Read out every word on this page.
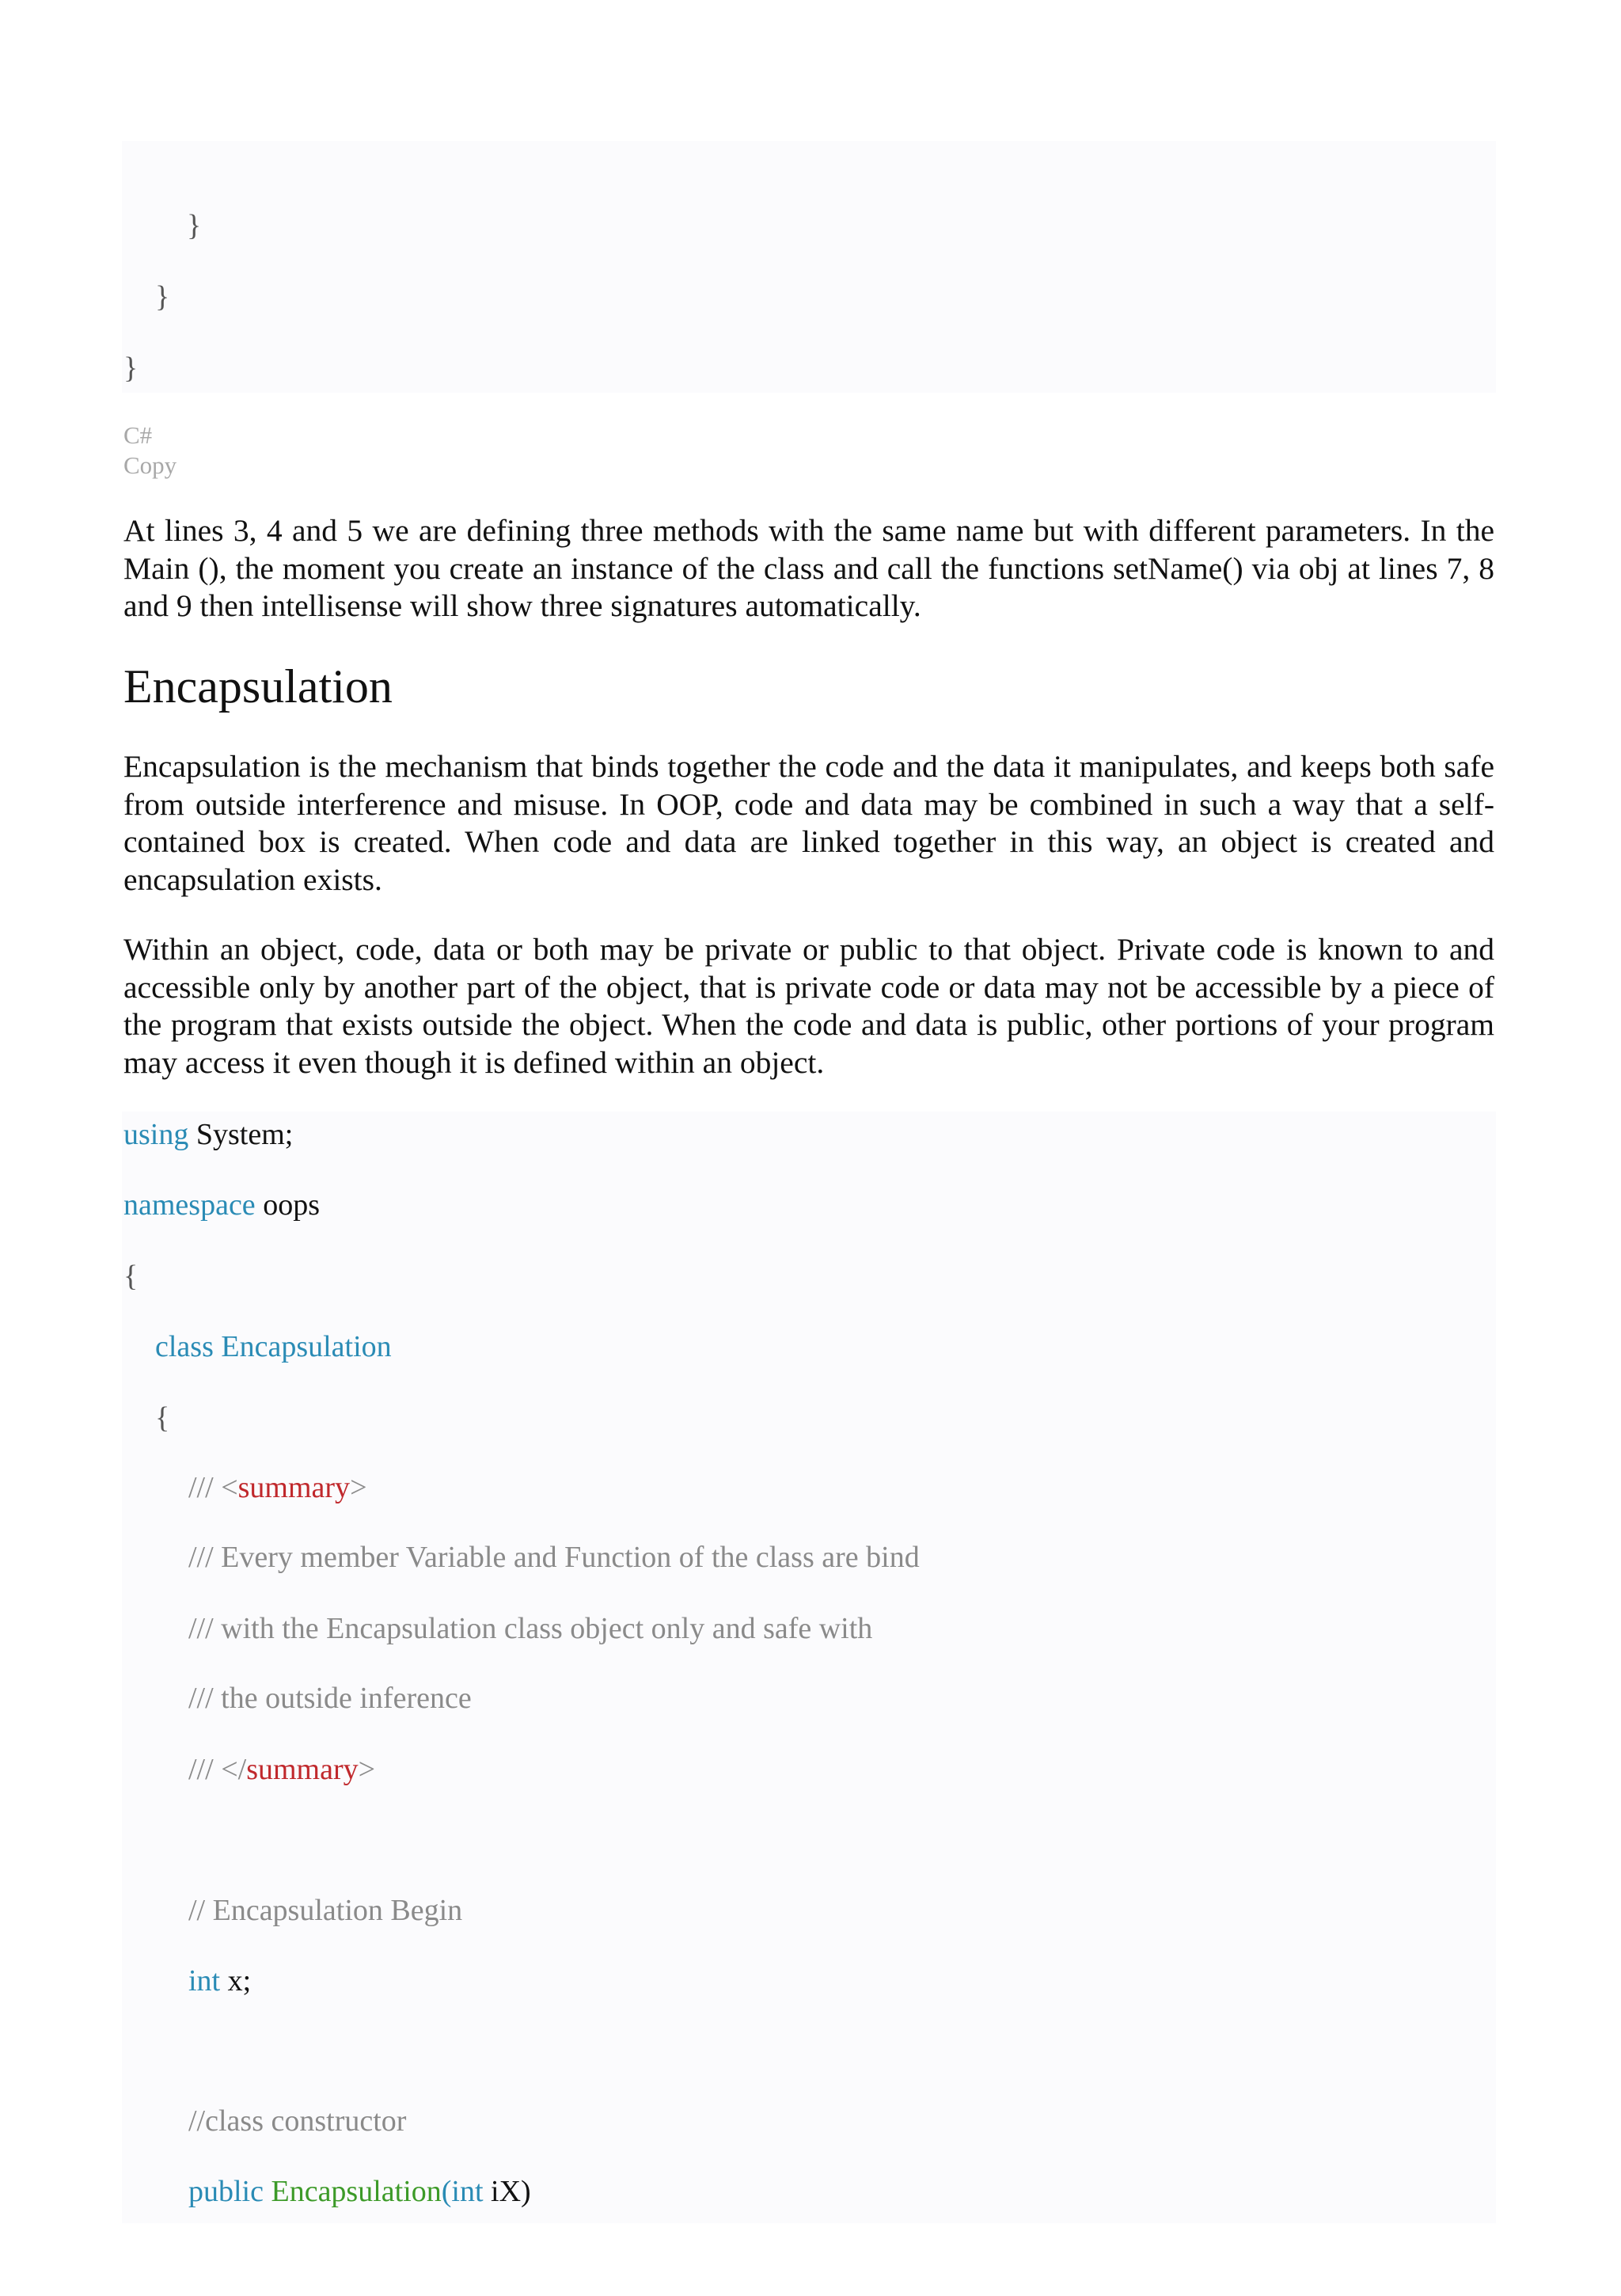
}
}
}
C#
Copy

At lines 3, 4 and 5 we are defining three methods with the same name but with different parameters. In the Main (), the moment you create an instance of the class and call the functions setName() via obj at lines 7, 8 and 9 then intellisense will show three signatures automatically.

Encapsulation

Encapsulation is the mechanism that binds together the code and the data it manipulates, and keeps both safe from outside interference and misuse. In OOP, code and data may be combined in such a way that a self-contained box is created. When code and data are linked together in this way, an object is created and encapsulation exists.

Within an object, code, data or both may be private or public to that object. Private code is known to and accessible only by another part of the object, that is private code or data may not be accessible by a piece of the program that exists outside the object. When the code and data is public, other portions of your program may access it even though it is defined within an object.

using System;
namespace oops
{
class Encapsulation
{
/// <summary>
/// Every member Variable and Function of the class are bind
/// with the Encapsulation class object only and safe with
/// the outside inference
/// </summary>
// Encapsulation Begin
int x;
//class constructor
public Encapsulation(int iX)
